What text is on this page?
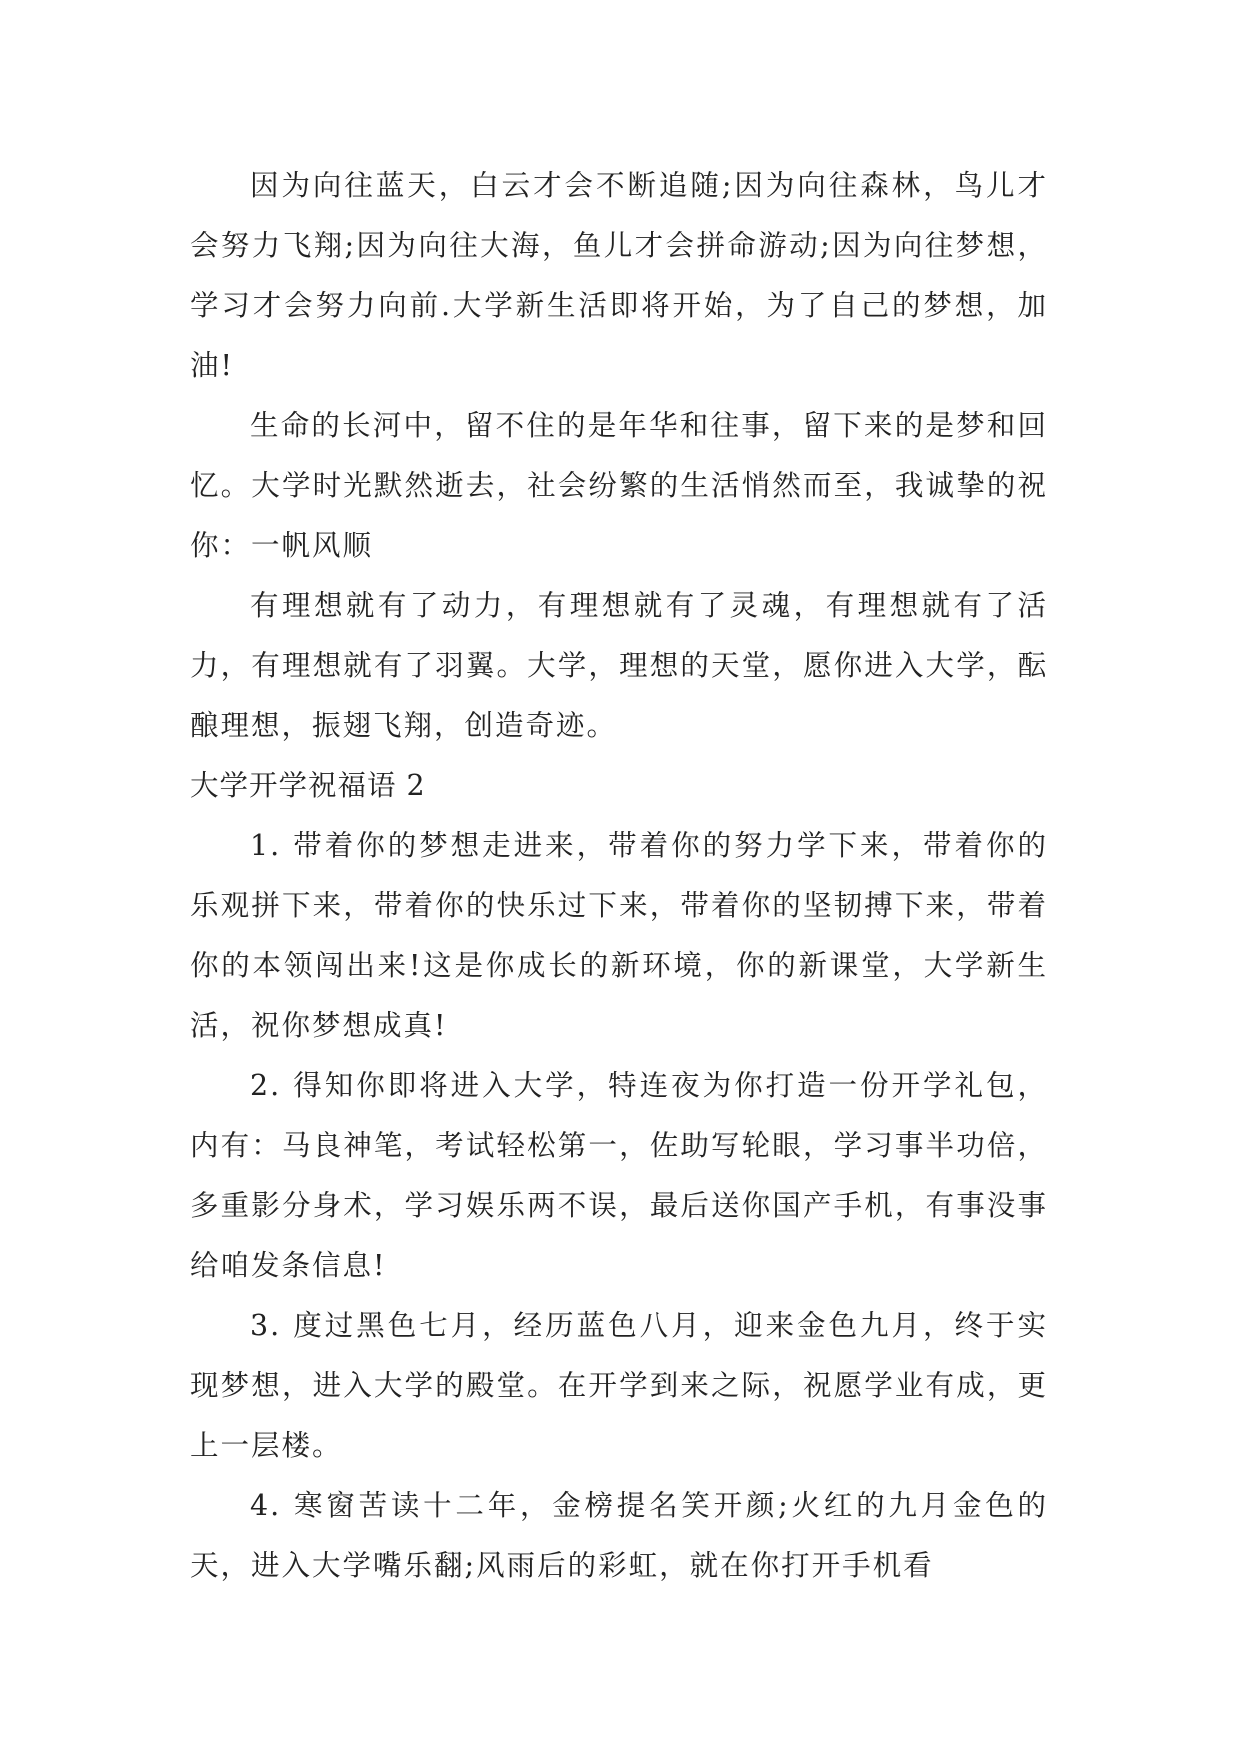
因为向往蓝天，白云才会不断追随;因为向往森林，鸟儿才会努力飞翔;因为向往大海，鱼儿才会拼命游动;因为向往梦想，学习才会努力向前.大学新生活即将开始，为了自己的梦想，加油!

生命的长河中，留不住的是年华和往事，留下来的是梦和回忆。大学时光默然逝去，社会纷繁的生活悄然而至，我诚挚的祝你：一帆风顺

有理想就有了动力，有理想就有了灵魂，有理想就有了活力，有理想就有了羽翼。大学，理想的天堂，愿你进入大学，酝酿理想，振翅飞翔，创造奇迹。

大学开学祝福语 2

1. 带着你的梦想走进来，带着你的努力学下来，带着你的乐观拼下来，带着你的快乐过下来，带着你的坚韧搏下来，带着你的本领闯出来!这是你成长的新环境，你的新课堂，大学新生活，祝你梦想成真!

2. 得知你即将进入大学，特连夜为你打造一份开学礼包，内有：马良神笔，考试轻松第一，佐助写轮眼，学习事半功倍，多重影分身术，学习娱乐两不误，最后送你国产手机，有事没事给咱发条信息!

3. 度过黑色七月，经历蓝色八月，迎来金色九月，终于实现梦想，进入大学的殿堂。在开学到来之际，祝愿学业有成，更上一层楼。

4. 寒窗苦读十二年，金榜提名笑开颜;火红的九月金色的天，进入大学嘴乐翻;风雨后的彩虹，就在你打开手机看
